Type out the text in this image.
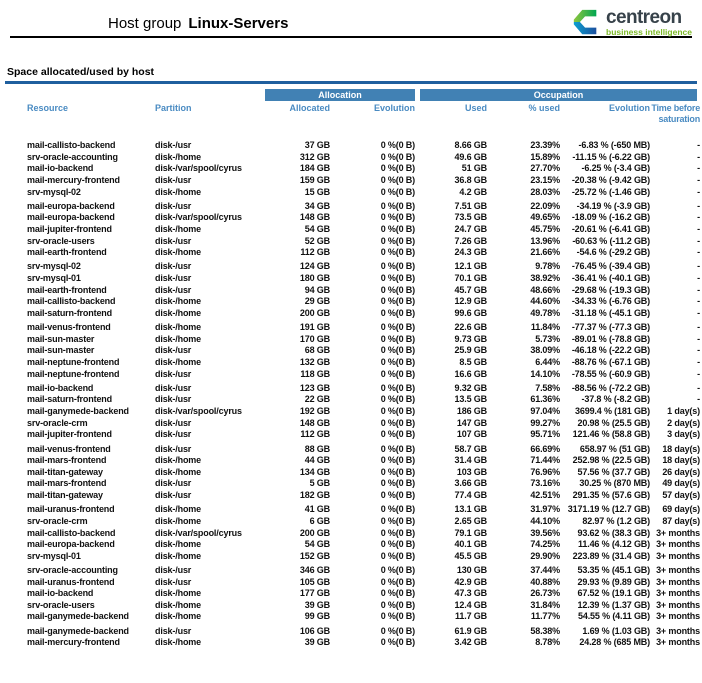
Host group Linux-Servers	centreon
business intelligence
Space allocated/used by host
Allocation	Occupation
Resource	Partition	Allocated	Evolution	Used	% used	Evolution Time before saturation
mail-callisto-backend	disk-/usr	37 GB	0 %(0 B)	8.66 GB	23.39%	-6.83 % (-650 MB)	-
srv-oracle-accounting	disk-/home	312 GB	0 %(0 B)	49.6 GB	15.89%	-11.15 % (-6.22 GB)	-
mail-io-backend	disk-/var/spool/cyrus	184 GB	0 %(0 B)	51 GB	27.70%	-6.25 % (-3.4 GB)	-
mail-mercury-frontend	disk-/usr	159 GB	0 %(0 B)	36.8 GB	23.15%	-20.38 % (-9.42 GB)	-
srv-mysql-02	disk-/home	15 GB	0 %(0 B)	4.2 GB	28.03%	-25.72 % (-1.46 GB)	-
mail-europa-backend	disk-/usr	34 GB	0 %(0 B)	7.51 GB	22.09%	-34.19 % (-3.9 GB)	-
mail-europa-backend	disk-/var/spool/cyrus	148 GB	0 %(0 B)	73.5 GB	49.65%	-18.09 % (-16.2 GB)	-
mail-jupiter-frontend	disk-/home	54 GB	0 %(0 B)	24.7 GB	45.75%	-20.61 % (-6.41 GB)	-
srv-oracle-users	disk-/usr	52 GB	0 %(0 B)	7.26 GB	13.96%	-60.63 % (-11.2 GB)	-
mail-earth-frontend	disk-/home	112 GB	0 %(0 B)	24.3 GB	21.66%	-54.6 % (-29.2 GB)	-
srv-mysql-02	disk-/usr	124 GB	0 %(0 B)	12.1 GB	9.78%	-76.45 % (-39.4 GB)	-
srv-mysql-01	disk-/usr	180 GB	0 %(0 B)	70.1 GB	38.92%	-36.41 % (-40.1 GB)	-
mail-earth-frontend	disk-/usr	94 GB	0 %(0 B)	45.7 GB	48.66%	-29.68 % (-19.3 GB)	-
mail-callisto-backend	disk-/home	29 GB	0 %(0 B)	12.9 GB	44.60%	-34.33 % (-6.76 GB)	-
mail-saturn-frontend	disk-/home	200 GB	0 %(0 B)	99.6 GB	49.78%	-31.18 % (-45.1 GB)	-
mail-venus-frontend	disk-/home	191 GB	0 %(0 B)	22.6 GB	11.84%	-77.37 % (-77.3 GB)	-
mail-sun-master	disk-/home	170 GB	0 %(0 B)	9.73 GB	5.73%	-89.01 % (-78.8 GB)	-
mail-sun-master	disk-/usr	68 GB	0 %(0 B)	25.9 GB	38.09%	-46.18 % (-22.2 GB)	-
mail-neptune-frontend	disk-/home	132 GB	0 %(0 B)	8.5 GB	6.44%	-88.76 % (-67.1 GB)	-
mail-neptune-frontend	disk-/usr	118 GB	0 %(0 B)	16.6 GB	14.10%	-78.55 % (-60.9 GB)	-
mail-io-backend	disk-/usr	123 GB	0 %(0 B)	9.32 GB	7.58%	-88.56 % (-72.2 GB)	-
mail-saturn-frontend	disk-/usr	22 GB	0 %(0 B)	13.5 GB	61.36%	-37.8 % (-8.2 GB)	-
mail-ganymede-backend	disk-/var/spool/cyrus	192 GB	0 %(0 B)	186 GB	97.04%	3699.4 % (181 GB)	1 day(s)
srv-oracle-crm	disk-/usr	148 GB	0 %(0 B)	147 GB	99.27%	20.98 % (25.5 GB)	2 day(s)
mail-jupiter-frontend	disk-/usr	112 GB	0 %(0 B)	107 GB	95.71%	121.46 % (58.8 GB)	3 day(s)
mail-venus-frontend	disk-/usr	88 GB	0 %(0 B)	58.7 GB	66.69%	658.97 % (51 GB)	18 day(s)
mail-mars-frontend	disk-/home	44 GB	0 %(0 B)	31.4 GB	71.44%	252.98 % (22.5 GB)	18 day(s)
mail-titan-gateway	disk-/home	134 GB	0 %(0 B)	103 GB	76.96%	57.56 % (37.7 GB)	26 day(s)
mail-mars-frontend	disk-/usr	5 GB	0 %(0 B)	3.66 GB	73.16%	30.25 % (870 MB)	49 day(s)
mail-titan-gateway	disk-/usr	182 GB	0 %(0 B)	77.4 GB	42.51%	291.35 % (57.6 GB)	57 day(s)
mail-uranus-frontend	disk-/home	41 GB	0 %(0 B)	13.1 GB	31.97% 3171.19 % (12.7 GB)	69 day(s)
srv-oracle-crm	disk-/home	6 GB	0 %(0 B)	2.65 GB	44.10%	82.97 % (1.2 GB)	87 day(s)
mail-callisto-backend	disk-/var/spool/cyrus	200 GB	0 %(0 B)	79.1 GB	39.56%	93.62 % (38.3 GB) 3+ months
mail-europa-backend	disk-/home	54 GB	0 %(0 B)	40.1 GB	74.25%	11.46 % (4.12 GB) 3+ months
srv-mysql-01	disk-/home	152 GB	0 %(0 B)	45.5 GB	29.90%	223.89 % (31.4 GB) 3+ months
srv-oracle-accounting	disk-/usr	346 GB	0 %(0 B)	130 GB	37.44%	53.35 % (45.1 GB) 3+ months
mail-uranus-frontend	disk-/usr	105 GB	0 %(0 B)	42.9 GB	40.88%	29.93 % (9.89 GB) 3+ months
mail-io-backend	disk-/home	177 GB	0 %(0 B)	47.3 GB	26.73%	67.52 % (19.1 GB) 3+ months
srv-oracle-users	disk-/home	39 GB	0 %(0 B)	12.4 GB	31.84%	12.39 % (1.37 GB) 3+ months
mail-ganymede-backend	disk-/home	99 GB	0 %(0 B)	11.7 GB	11.77%	54.55 % (4.11 GB) 3+ months
mail-ganymede-backend	disk-/usr	106 GB	0 %(0 B)	61.9 GB	58.38%	1.69 % (1.03 GB) 3+ months
mail-mercury-frontend	disk-/home	39 GB	0 %(0 B)	3.42 GB	8.78%	24.28 % (685 MB) 3+ months
